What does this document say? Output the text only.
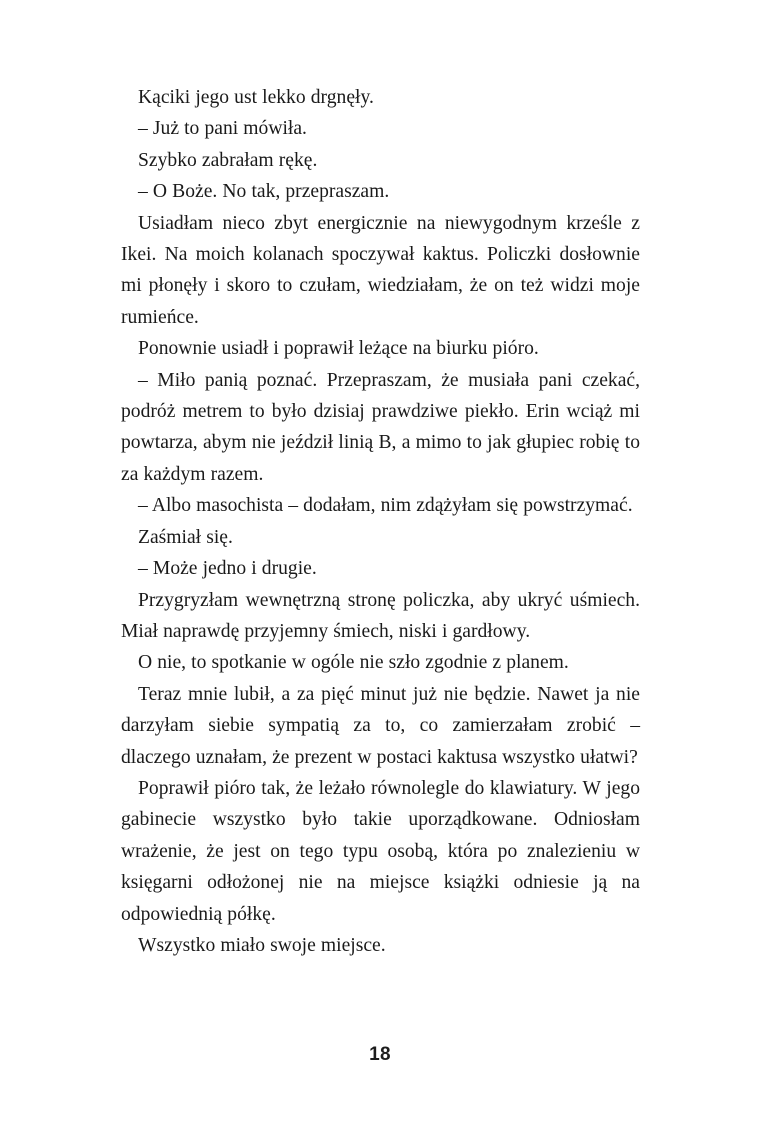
Kąciki jego ust lekko drgnęły.

– Już to pani mówiła.

Szybko zabrałam rękę.

– O Boże. No tak, przepraszam.

Usiadłam nieco zbyt energicznie na niewygodnym krześle z Ikei. Na moich kolanach spoczywał kaktus. Policzki dosłownie mi płonęły i skoro to czułam, wiedziałam, że on też widzi moje rumieńce.

Ponownie usiadł i poprawił leżące na biurku pióro.

– Miło panią poznać. Przepraszam, że musiała pani czekać, podróż metrem to było dzisiaj prawdziwe piekło. Erin wciąż mi powtarza, abym nie jeździł linią B, a mimo to jak głupiec robię to za każdym razem.

– Albo masochista – dodałam, nim zdążyłam się powstrzymać.

Zaśmiał się.

– Może jedno i drugie.

Przygryzłam wewnętrzną stronę policzka, aby ukryć uśmiech. Miał naprawdę przyjemny śmiech, niski i gardłowy.

O nie, to spotkanie w ogóle nie szło zgodnie z planem.

Teraz mnie lubił, a za pięć minut już nie będzie. Nawet ja nie darzyłam siebie sympatią za to, co zamierzałam zrobić – dlaczego uznałam, że prezent w postaci kaktusa wszystko ułatwi?

Poprawił pióro tak, że leżało równolegle do klawiatury. W jego gabinecie wszystko było takie uporządkowane. Odniosłam wrażenie, że jest on tego typu osobą, która po znalezieniu w księgarni odłożonej nie na miejsce książki odniesie ją na odpowiednią półkę.

Wszystko miało swoje miejsce.

18
